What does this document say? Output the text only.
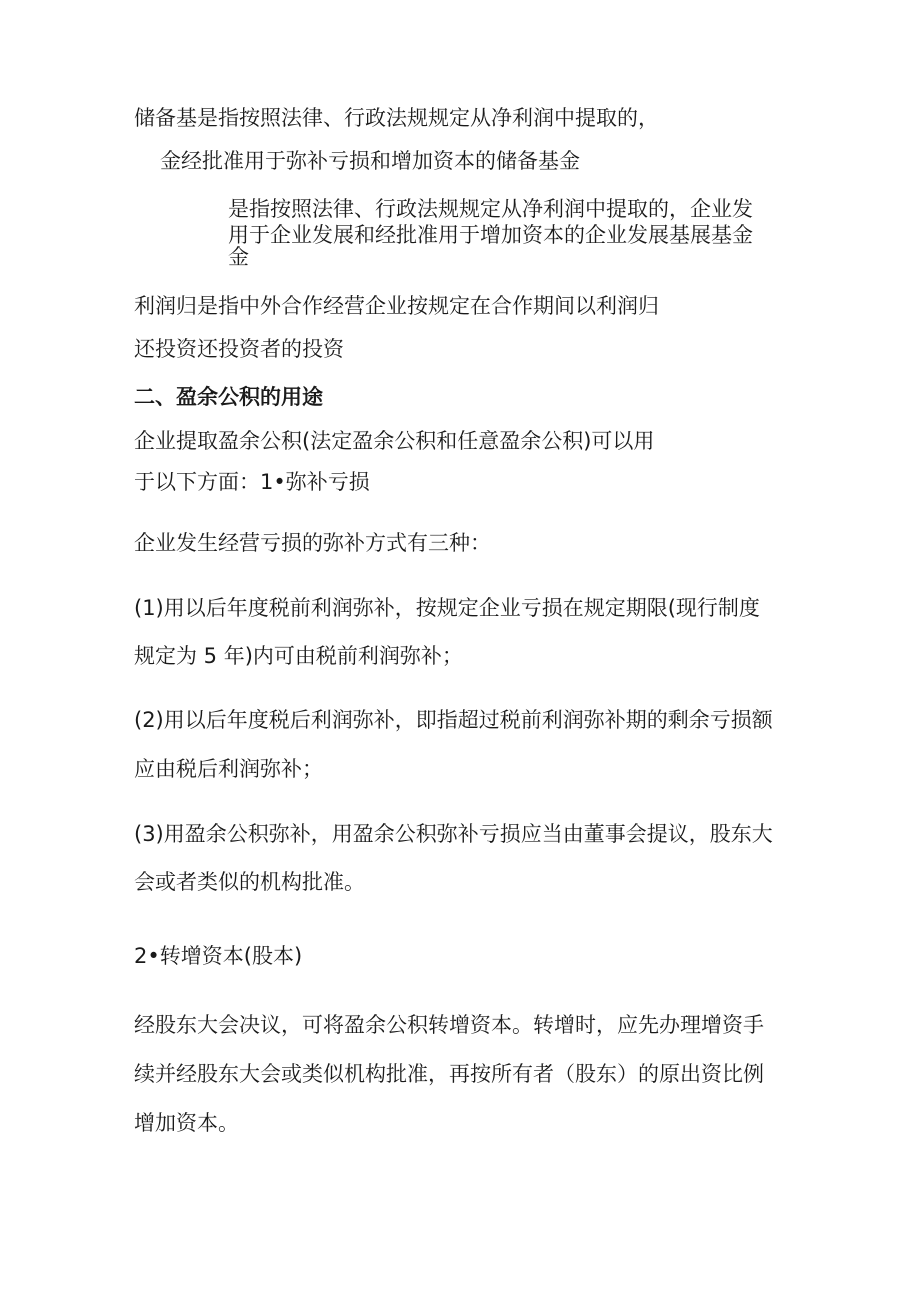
储备基是指按照法律、行政法规规定从净利润中提取的，

金经批准用于弥补亏损和增加资本的储备基金

是指按照法律、行政法规规定从净利润中提取的，企业发

用于企业发展和经批准用于增加资本的企业发展基展基金

金

利润归是指中外合作经营企业按规定在合作期间以利润归

还投资还投资者的投资

二、盈余公积的用途

企业提取盈余公积(法定盈余公积和任意盈余公积)可以用

于以下方面：1•弥补亏损

企业发生经营亏损的弥补方式有三种：

(1)用以后年度税前利润弥补，按规定企业亏损在规定期限(现行制度

规定为 5 年)内可由税前利润弥补；

(2)用以后年度税后利润弥补，即指超过税前利润弥补期的剩余亏损额

应由税后利润弥补；

(3)用盈余公积弥补，用盈余公积弥补亏损应当由董事会提议，股东大

会或者类似的机构批准。

2•转增资本(股本)

经股东大会决议，可将盈余公积转增资本。转增时，应先办理增资手

续并经股东大会或类似机构批准，再按所有者（股东）的原出资比例

增加资本。
